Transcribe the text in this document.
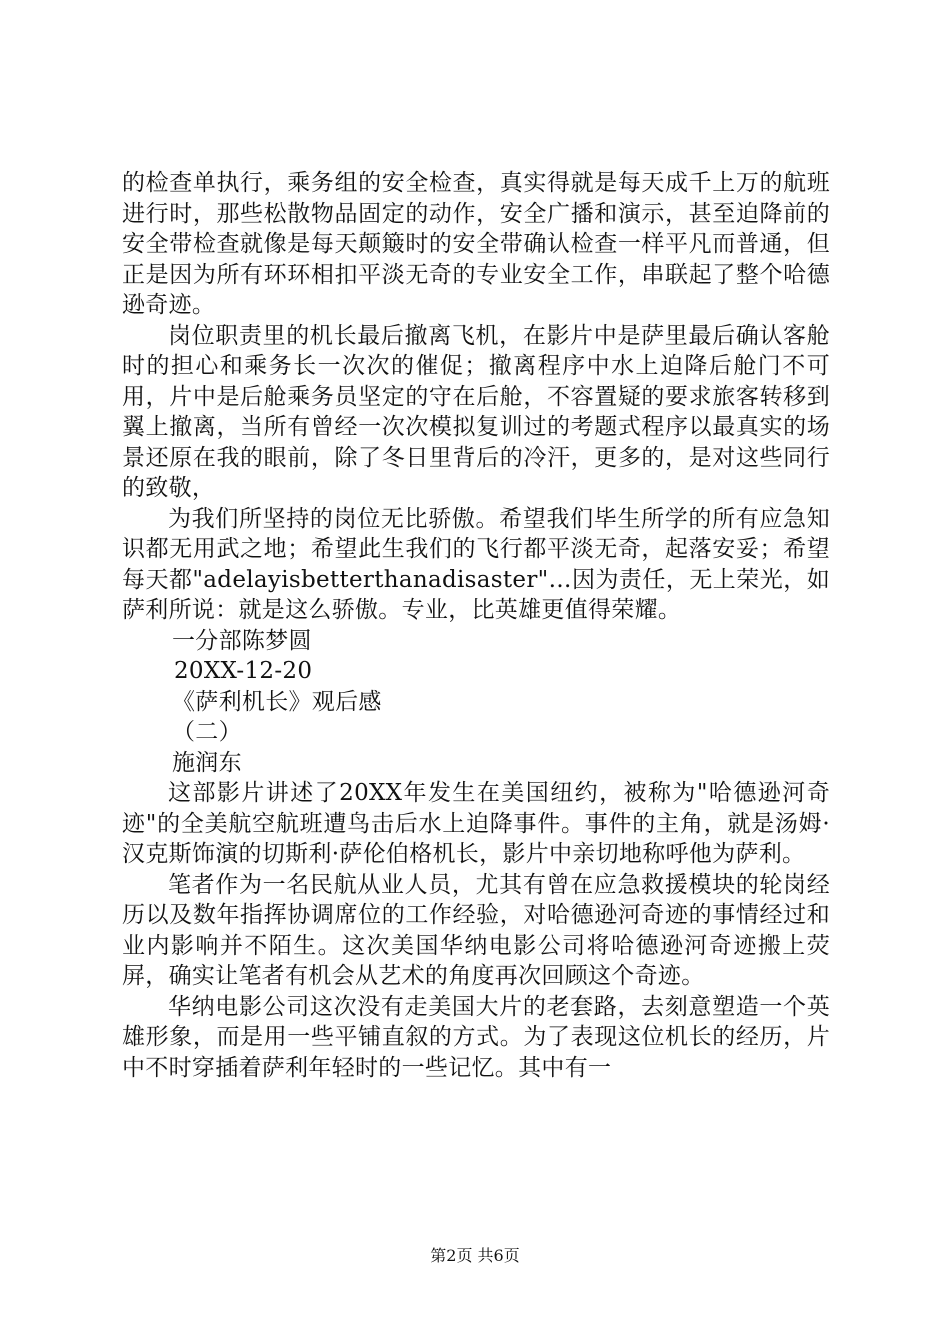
的检查单执行，乘务组的安全检查，真实得就是每天成千上万的航班进行时，那些松散物品固定的动作，安全广播和演示，甚至迫降前的安全带检查就像是每天颠簸时的安全带确认检查一样平凡而普通，但正是因为所有环环相扣平淡无奇的专业安全工作，串联起了整个哈德逊奇迹。

岗位职责里的机长最后撤离飞机，在影片中是萨里最后确认客舱时的担心和乘务长一次次的催促；撤离程序中水上迫降后舱门不可用，片中是后舱乘务员坚定的守在后舱，不容置疑的要求旅客转移到翼上撤离，当所有曾经一次次模拟复训过的考题式程序以最真实的场景还原在我的眼前，除了冬日里背后的冷汗，更多的，是对这些同行的致敬，

为我们所坚持的岗位无比骄傲。希望我们毕生所学的所有应急知识都无用武之地；希望此生我们的飞行都平淡无奇，起落安妥；希望每天都"adelayisbetterthanadisaster"…因为责任，无上荣光，如萨利所说：就是这么骄傲。专业，比英雄更值得荣耀。

一分部陈梦圆

20XX-12-20

《萨利机长》观后感

（二）

施润东

这部影片讲述了20XX年发生在美国纽约，被称为"哈德逊河奇迹"的全美航空航班遭鸟击后水上迫降事件。事件的主角，就是汤姆·汉克斯饰演的切斯利·萨伦伯格机长，影片中亲切地称呼他为萨利。

笔者作为一名民航从业人员，尤其有曾在应急救援模块的轮岗经历以及数年指挥协调席位的工作经验，对哈德逊河奇迹的事情经过和业内影响并不陌生。这次美国华纳电影公司将哈德逊河奇迹搬上荧屏，确实让笔者有机会从艺术的角度再次回顾这个奇迹。

华纳电影公司这次没有走美国大片的老套路，去刻意塑造一个英雄形象，而是用一些平铺直叙的方式。为了表现这位机长的经历，片中不时穿插着萨利年轻时的一些记忆。其中有一

第2页 共6页
